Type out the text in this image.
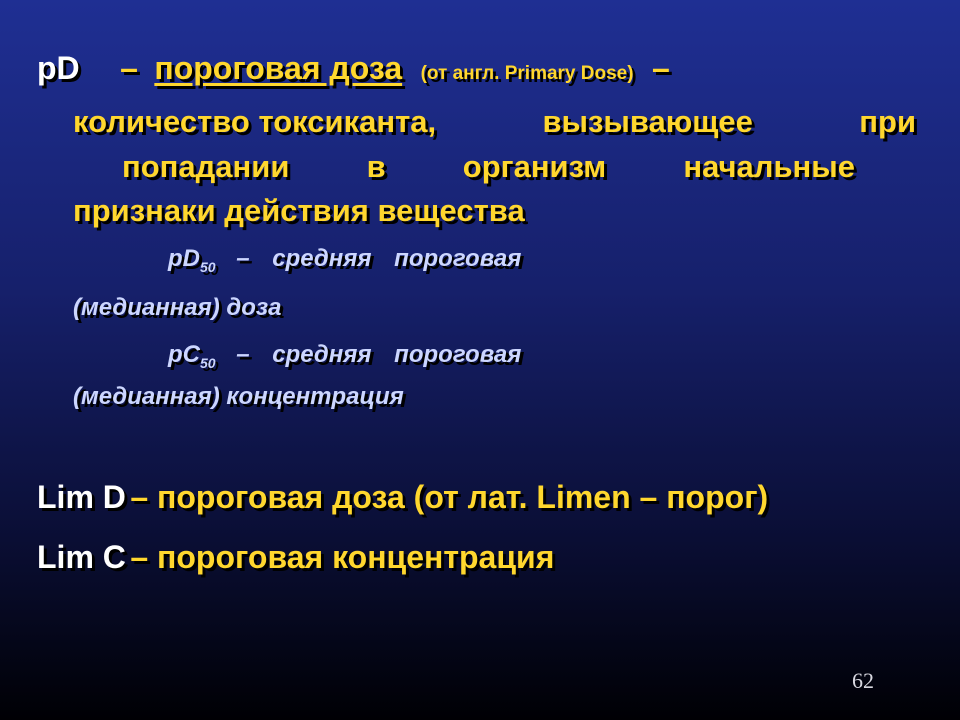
pD – пороговая доза (от англ. Primary Dose) –
количество токсиканта,	вызывающее	при
попадании в организм начальные
признаки действия вещества
$pD_{50}$ – средняя пороговая
(медианная) доза
$pC_{50}$ – средняя пороговая
(медианная) концентрация
Lim D – пороговая доза (от лат. Limen – порог)
Lim C – пороговая концентрация
62
